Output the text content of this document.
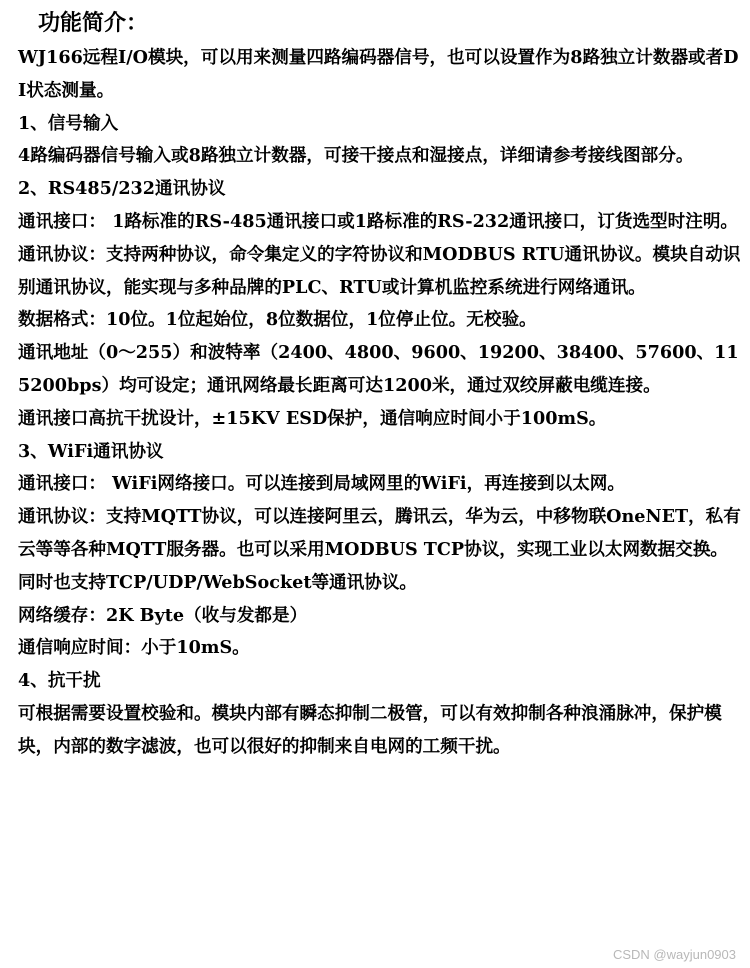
功能简介：

WJ166远程I/O模块，可以用来测量四路编码器信号，也可以设置作为8路独立计数器或者DI状态测量。

1、信号输入

4路编码器信号输入或8路独立计数器，可接干接点和湿接点，详细请参考接线图部分。

2、RS485/232通讯协议

通讯接口： 1路标准的RS-485通讯接口或1路标准的RS-232通讯接口，订货选型时注明。

通讯协议：支持两种协议，命令集定义的字符协议和MODBUS RTU通讯协议。模块自动识别通讯协议，能实现与多种品牌的PLC、RTU或计算机监控系统进行网络通讯。

数据格式：10位。1位起始位，8位数据位，1位停止位。无校验。

通讯地址（0～255）和波特率（2400、4800、9600、19200、38400、57600、115200bps）均可设定；通讯网络最长距离可达1200米，通过双绞屏蔽电缆连接。

通讯接口高抗干扰设计，±15KV ESD保护，通信响应时间小于100mS。

3、WiFi通讯协议

通讯接口： WiFi网络接口。可以连接到局域网里的WiFi，再连接到以太网。

通讯协议：支持MQTT协议，可以连接阿里云，腾讯云，华为云，中移物联OneNET，私有云等等各种MQTT服务器。也可以采用MODBUS TCP协议，实现工业以太网数据交换。

同时也支持TCP/UDP/WebSocket等通讯协议。

网络缓存：2K Byte（收与发都是）

通信响应时间：小于10mS。

4、抗干扰

可根据需要设置校验和。模块内部有瞬态抑制二极管，可以有效抑制各种浪涌脉冲，保护模块，内部的数字滤波，也可以很好的抑制来自电网的工频干扰。

CSDN @wayjun0903
